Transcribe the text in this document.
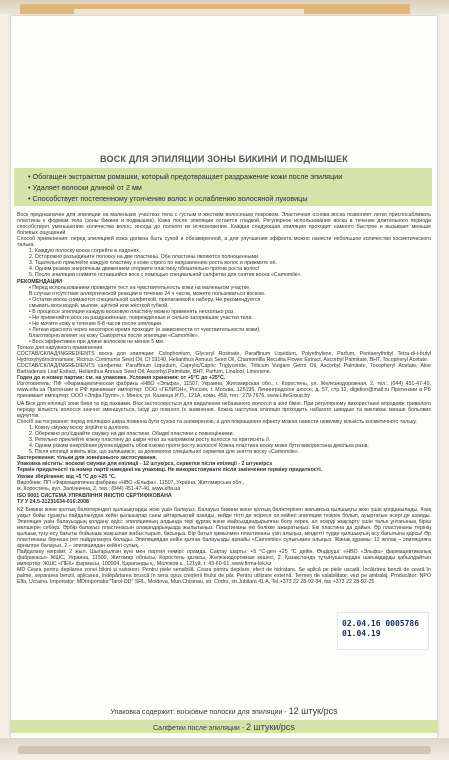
ВОСК ДЛЯ ЭПИЛЯЦИИ ЗОНЫ БИКИНИ И ПОДМЫШЕК
• Обогащен экстрактом ромашки, который предотвращает раздражение кожи после эпиляции
• Удаляет волоски длиной от 2 мм
• Способствует постепенному утончению волос и ослаблению волосяной луковицы

Воск предназначен для эпиляции на маленьких участках тела с густым и жестким волосяным покровом. Эластичная основа воска позволяет легко приспосабливать пластины к формам тела (зоны бикини и подмышек). Кожа после эпиляции остается гладкой. Регулярное использование воска в течение длительного периода способствует уменьшению количества волос, иногда до полного их исчезновения. Каждая следующая эпиляция проходит намного быстрее и вызывает меньше болевых ощущений.

Способ применения: перед эпиляцией кожа должна быть сухой и обезжиренной, а для улучшения эффекта можно нанести небольшое количество косметического талька.

1. Каждую полоску воска согрейте в ладонях.

2. Осторожно разъедините полоску на две пластины. Обе пластины являются полноценными.

3. Тщательно приклейте каждую пластину к коже строго по направлению роста волос и прижмите её.

4. Одним резким энергичным движением оторвите пластину обязательно против роста волос!

5. После эпиляции снимите оставшийся воск с помощью специальной салфетки для снятия воска «Camomile».

РЕКОМЕНДАЦИИ

• Перед использованием проведите тест на чувствительность кожи на маленьком участке.

В случае отсутствия аллергической реакции в течение 24 ч часов, можете пользоваться воском.

• Остатки воска снимаются специальной салфеткой, прилагаемой к набору. Не рекомендуется

смывать воск водой, мылом, щёткой или жёсткой губкой.

• В процессе эпиляции каждую восковую пластину можно применять несколько раз.

• Не применяйте воск на раздражённые, повреждённые и сильно загоревшие участки тела.

• Не мочите кожу в течение 6-8 часов после эпиляции.

• Легкая краснота через некоторое время проходит (в зависимости от чувствительности кожи).

Благотворно влияет на кожу Сыворотка после эпиляции «Camomile».

• Воск эффективен при длине волосков не менее 5 мм.

Только для наружного применения.

СОСТАВ/СКЛАД/INGREDIENTS воска для эпиляции: Colophonium, Glyceryl Rosinate, Paraffinum Liquidum, Polyethylene, Parfum, Pentaerythrityl Tetra-di-t-butyl Hydroxyhydrocinnamate, Ricinus Communis Seed Oil, CI 19140, Helianthus Annuus Seed Oil, Chamomilla Recutita Flower Extract, Ascorbyl Palmitate, BHT, Tocopheryl Acetate.

СОСТАВ/СКЛАД/INGREDIENTS салфетки: Paraffinum Liquidum, Caprylic/Capric Triglyceride, Triticum Vulgare Germ Oil, Ascorbyl Palmitate, Tocopheryl Acetate, Aloe Barbadensis Leaf Extract, Helianthus Annuus Seed Oil, Ascorbyl Palmitate, BHT, Parfum, Linalool, Limonene.

Годен до и номер партии: см. на упаковке. Условия хранения: от +5°С до +25°С.

Изготовитель: ПФ «Фармацевтическая фабрика «НВО «Эльфа», 11507, Украина, Житомирская обл., г. Коростень, ул. Железнодорожная, 2, тел.: (044) 451-47-40, www.elfa.ua Претензии в РФ принимает импортер: ООО «ГЕЛИОН», Россия, г. Москва, 125195, Ленинградское шоссе, д. 57, стр.12, digidion@mail.ru Претензии в РБ принимает импортер: ООО «Элфа Групп», г. Минск, ул. Казинца И.П., 121А, комн. 459, тел.: 279-7676, www.LifeGroup.by

UA Віск для епіляції зони бікіні та під пахвами. Віск застосовується для видалення небажаного волосся в зоні бікіні. При регулярному використанні впродовж тривалого періоду кількість волосся значно зменшується, іноді до повного їх зникнення. Кожна наступна епіляція проходить набагато швидше та викликає менше больових відчуттів.

Спосіб застосування: перед епіляцією шкіра повинна бути сухою та знежиреною, а для покращення ефекту можна нанести невелику кількість косметичного тальку.

1. Кожну смужку воску зігрійте в долонях.

2. Обережно роз'єднайте смужку на дві пластини. Обидві пластини є повноцінними.

3. Ретельно приклейте кожну пластину до шкіри чітко за напрямком росту волосся та притисніть її.

4. Одним різким енергійним рухом відірвіть обов'язково проти росту волосся! Кожна пластина воску може бути використана декілька разів.

5. Після епіляції зніміть віск, що залишився, за допомогою спеціальної серветки для зняття воску «Camomile».

Застереження: тільки для зовнішнього застосування.

Упаковка містить: воскові смужки для епіляції - 12 штук/pcs, серветки після епіляції - 2 штуки/pcs

Термін придатності та номер партії наведені на упаковці. Не використовувати після закінчення терміну придатності.

Умови зберігання: від +5 °С до +25 °С.

Виробник: ПП «Фармацевтична фабрика «НВО «Ельфа», 11507, Україна, Житомирська обл.,

м. Коростень, вул. Залізнична, 2, тел.: (044) 451-47-40, www.elfa.ua

ISO 9001 СИСТЕМА УПРАВЛІННЯ ЯКІСТЮ СЕРТИФІКОВАНА

ТУ У 24.5-31231634-016:2008

KZ Бикини және қолтық бөліктеріндегі қылшықтарды жою үшін балауыз. Балауыз бикини және қолтық бөліктерінен жағымсыз қылшықты жою үшін қолданылады. Ұзақ уақыт бойы тұрақты пайдаланудан кейін қылшықтар саны айтарлықтай азаяды, кейде тіпті де әсіресе ол кейінгі эпиляция тезірек болып, ауыртатын әсері де азаяды. Эпиляция үшін балауыздың қолдану әдісі: эпиляцияның алдында тері құрғақ және майсыздандырылған болу керек, ал әсерді жақсарту үшін тальк ұнтағының біраз мөлшерін себіңіз. Әрбір балауыз пластинасын алақандарыңызда жылытыңыз. Пластинаны екі бөлікке ажыратыңыз. Екі пластина да дайын. Әр пластинаны терінің қылшық түзу өсу бағыты бойынша жақсылап жабыстырып, басыңыз. Бір батыл қимылмен пластинаны үзіп алыңыз, міндетті түрде қылшықтың өсу бағытына қарсы! Әр пластинаны бірнеше рет пайдалануға болады. Эпиляциядан кейін қалған балауызды арнайы «Camomile» сулығымен алыңыз. Жинақ құрамы: 12 жолақ – эпиляцияға арналған балауыз, 2 – эпиляциядан кейінгі сулық.

Пайдалану мерзімі: 2 жыл. Шығарылған күні мен партия нөмірі: орамда. Сақтау шарты: +5 °С-ден +25 °С дейін. Өндіруші: «НВО «Эльфа» фармацевтикалық фабрикасы» ЖШС, Украина, 11500, Житомир облысы, Коростень қаласы, Железнодорожная көшесі, 2. Қазақстанда тұтынушылардан шағымдарды қабылдайтын импортёр: ЖШС «ПЕК» фармасы, 100004, Қарағанды қ., Молоков к., 121уй, т. 43-60-61, www.firma-lek.kz

MD Ceara pentru depilarea zonei bikini și subsuori. Pentru piele sensibilă. Ceara pentru depilare, efect de hidratare. Se aplică pe piele uscată. Încălzirea benzii de ceară în palme, separarea benzii, aplicarea, îndepărtarea bruscă în sens opus creșterii firului de păr. Pentru utilizare externă. Termen de valabilitate: vezi pe ambalaj. Producător: NPO Elfa, Ucraina. Importator: MDImportator"Tarol-DD" SRL, Moldova, Mun.Chisinau, str. Codru, str.Jubilara 41 A, Tel.+373 22 28-92-34, fax +373 22 28-92-25

02.04.16 0005786
01.04.19
Упаковка содержит: восковые полоски для эпиляции - 12 штук/pcs
Салфетки после эпиляции - 2 штуки/pcs
